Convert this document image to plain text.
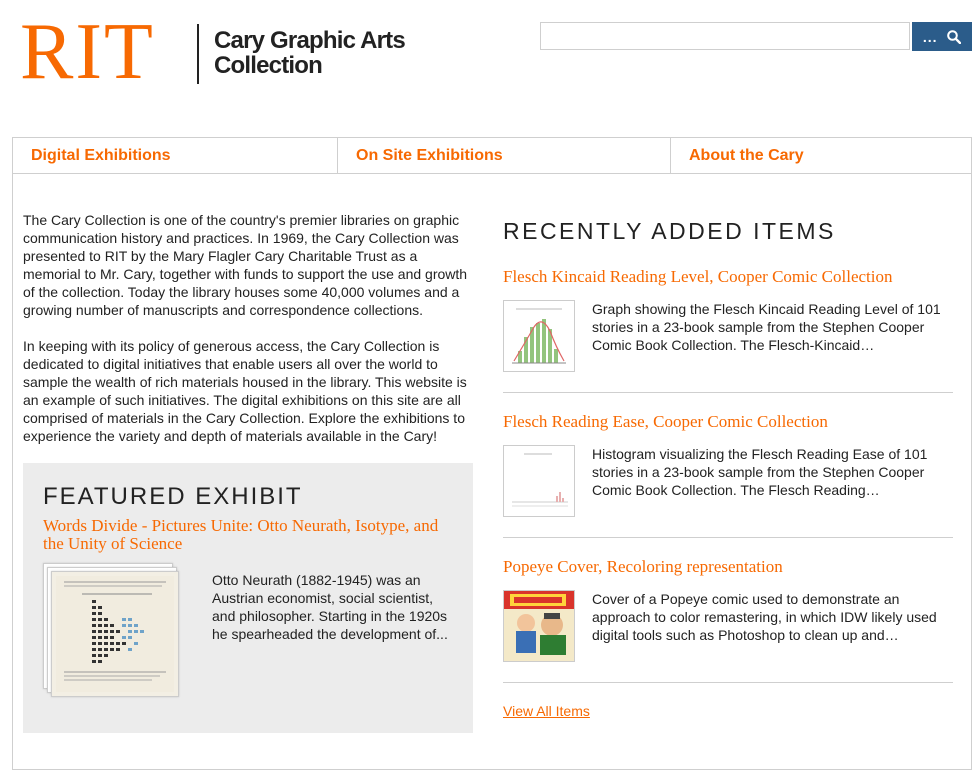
RIT Cary Graphic Arts
Collection
...
Digital Exhibitions	On Site Exhibitions	About the Cary

The Cary Collection is one of the country's premier libraries on graphic communication history and practices. In 1969, the Cary Collection was presented to RIT by the Mary Flagler Cary Charitable Trust as a memorial to Mr. Cary, together with funds to support the use and growth of the collection. Today the library houses some 40,000 volumes and a growing number of manuscripts and correspondence collections.

In keeping with its policy of generous access, the Cary Collection is dedicated to digital initiatives that enable users all over the world to sample the wealth of rich materials housed in the library. This website is an example of such initiatives. The digital exhibitions on this site are all comprised of materials in the Cary Collection. Explore the exhibitions to experience the variety and depth of materials available in the Cary!

FEATURED EXHIBIT
Words Divide - Pictures Unite: Otto Neurath, Isotype, and the Unity of Science
Otto Neurath (1882-1945) was an Austrian economist, social scientist, and philosopher. Starting in the 1920s he spearheaded the development of...
RECENTLY ADDED ITEMS
Flesch Kincaid Reading Level, Cooper Comic Collection
Graph showing the Flesch Kincaid Reading Level of 101 stories in a 23-book sample from the Stephen Cooper Comic Book Collection. The Flesch-Kincaid…
Flesch Reading Ease, Cooper Comic Collection
Histogram visualizing the Flesch Reading Ease of 101 stories in a 23-book sample from the Stephen Cooper Comic Book Collection. The Flesch Reading…
Popeye Cover, Recoloring representation
Cover of a Popeye comic used to demonstrate an approach to color remastering, in which IDW likely used digital tools such as Photoshop to clean up and…
View All Items
